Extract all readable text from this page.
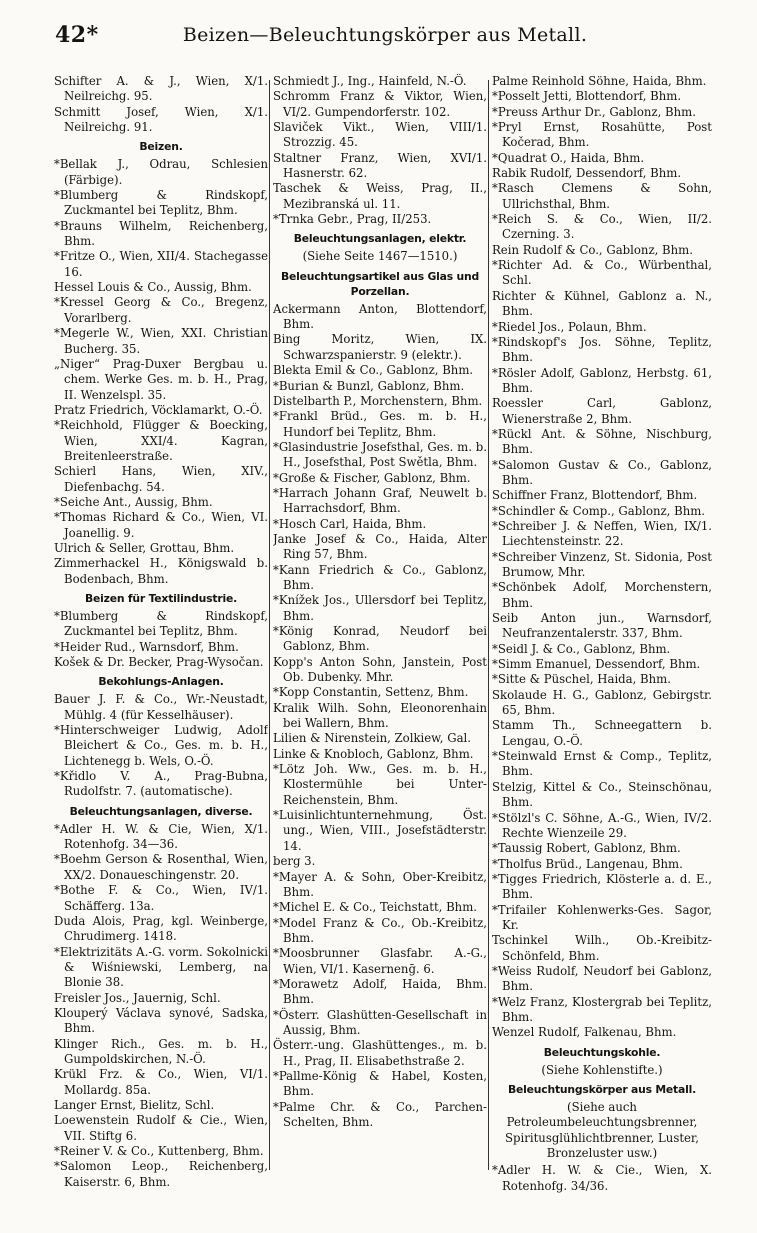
42*	Beizen—Beleuchtungskörper aus Metall.
Schifter A. & J., Wien, X/1. Neilreichg. 95.
Schmitt Josef, Wien, X/1. Neilreichg. 91.
Beizen.
*Bellak J., Odrau, Schlesien (Färbige).
*Blumberg & Rindskopf, Zuckmantel bei Teplitz, Bhm.
*Brauns Wilhelm, Reichenberg, Bhm.
*Fritze O., Wien, XII/4. Stachegasse 16.
Hessel Louis & Co., Aussig, Bhm.
*Kressel Georg & Co., Bregenz, Vorarlberg.
*Megerle W., Wien, XXI. Christian Bucherg. 35.
„Niger“ Prag-Duxer Bergbau u. chem. Werke Ges. m. b. H., Prag, II. Wenzelspl. 35.
Pratz Friedrich, Vöcklamarkt, O.-Ö.
*Reichhold, Flügger & Boecking, Wien, XXI/4. Kagran, Breitenleerstraße.
Schierl Hans, Wien, XIV., Diefenbachg. 54.
*Seiche Ant., Aussig, Bhm.
*Thomas Richard & Co., Wien, VI. Joanellig. 9.
Ulrich & Seller, Grottau, Bhm.
Zimmerhackel H., Königswald b. Bodenbach, Bhm.
Beizen für Textilindustrie.
*Blumberg & Rindskopf, Zuckmantel bei Teplitz, Bhm.
*Heider Rud., Warnsdorf, Bhm.
Košek & Dr. Becker, Prag-Wysočan.
Bekohlungs-Anlagen.
Bauer J. F. & Co., Wr.-Neustadt, Mühlg. 4 (für Kesselhäuser).
*Hinterschweiger Ludwig, Adolf Bleichert & Co., Ges. m. b. H., Lichtenegg b. Wels, O.-Ö.
*Křidlo V. A., Prag-Bubna, Rudolfstr. 7. (automatische).
Beleuchtungsanlagen, diverse.
*Adler H. W. & Cie, Wien, X/1. Rotenhofg. 34—36.
*Boehm Gerson & Rosenthal, Wien, XX/2. Donaueschingenstr. 20.
*Bothe F. & Co., Wien, IV/1. Schäfferg. 13a.
Duda Alois, Prag, kgl. Weinberge, Chrudimerg. 1418.
*Elektrizitäts A.-G. vorm. Sokolnicki & Wiśniewski, Lemberg, na Blonie 38.
Freisler Jos., Jauernig, Schl.
Klouperý Václava synové, Sadska, Bhm.
Klinger Rich., Ges. m. b. H., Gumpoldskirchen, N.-Ö.
Krükl Frz. & Co., Wien, VI/1. Mollardg. 85a.
Langer Ernst, Bielitz, Schl.
Loewenstein Rudolf & Cie., Wien, VII. Stiftg 6.
*Reiner V. & Co., Kuttenberg, Bhm.
*Salomon Leop., Reichenberg, Kaiserstr. 6, Bhm.
Schmiedt J., Ing., Hainfeld, N.-Ö.
Schromm Franz & Viktor, Wien, VI/2. Gumpendorferstr. 102.
Slaviček Vikt., Wien, VIII/1. Strozzig. 45.
Staltner Franz, Wien, XVI/1. Hasnerstr. 62.
Taschek & Weiss, Prag, II., Mezibranská ul. 11.
*Trnka Gebr., Prag, II/253.
Beleuchtungsanlagen, elektr.
(Siehe Seite 1467—1510.)
Beleuchtungsartikel aus Glas und Porzellan.
Ackermann Anton, Blottendorf, Bhm.
Bing Moritz, Wien, IX. Schwarzspanierstr. 9 (elektr.).
Blekta Emil & Co., Gablonz, Bhm.
*Burian & Bunzl, Gablonz, Bhm.
Distelbarth P., Morchenstern, Bhm.
*Frankl Brüd., Ges. m. b. H., Hundorf bei Teplitz, Bhm.
*Glasindustrie Josefsthal, Ges. m. b. H., Josefsthal, Post Swětla, Bhm.
*Große & Fischer, Gablonz, Bhm.
*Harrach Johann Graf, Neuwelt b. Harrachsdorf, Bhm.
*Hosch Carl, Haida, Bhm.
Janke Josef & Co., Haida, Alter Ring 57, Bhm.
*Kann Friedrich & Co., Gablonz, Bhm.
*Knížek Jos., Ullersdorf bei Teplitz, Bhm.
*König Konrad, Neudorf bei Gablonz, Bhm.
Kopp's Anton Sohn, Janstein, Post Ob. Dubenky. Mhr.
*Kopp Constantin, Settenz, Bhm.
Kralik Wilh. Sohn, Eleonorenhain bei Wallern, Bhm.
Lilien & Nirenstein, Zolkiew, Gal.
Linke & Knobloch, Gablonz, Bhm.
*Lötz Joh. Ww., Ges. m. b. H., Klostermühle bei Unter-Reichenstein, Bhm.
*Luisinlichtunternehmung, Öst. ung., Wien, VIII., Josefstädterstr. 14.
berg 3.
*Mayer A. & Sohn, Ober-Kreibitz, Bhm.
*Michel E. & Co., Teichstatt, Bhm.
*Model Franz & Co., Ob.-Kreibitz, Bhm.
*Moosbrunner Glasfabr. A.-G., Wien, VI/1. Kasernenḡ. 6.
*Morawetz Adolf, Haida, Bhm. Bhm.
*Österr. Glashütten-Gesellschaft in Aussig, Bhm.
Österr.-ung. Glashüttenges., m. b. H., Prag, II. Elisabethstraße 2.
*Pallme-König & Habel, Kosten, Bhm.
*Palme Chr. & Co., Parchen-Schelten, Bhm.
Palme Reinhold Söhne, Haida, Bhm.
*Posselt Jetti, Blottendorf, Bhm.
*Preuss Arthur Dr., Gablonz, Bhm.
*Pryl Ernst, Rosahütte, Post Kočerad, Bhm.
*Quadrat O., Haida, Bhm.
Rabik Rudolf, Dessendorf, Bhm.
*Rasch Clemens & Sohn, Ullrichsthal, Bhm.
*Reich S. & Co., Wien, II/2. Czerning. 3.
Rein Rudolf & Co., Gablonz, Bhm.
*Richter Ad. & Co., Würbenthal, Schl.
Richter & Kühnel, Gablonz a. N., Bhm.
*Riedel Jos., Polaun, Bhm.
*Rindskopf's Jos. Söhne, Teplitz, Bhm.
*Rösler Adolf, Gablonz, Herbstg. 61, Bhm.
Roessler Carl, Gablonz, Wienerstraße 2, Bhm.
*Rückl Ant. & Söhne, Nischburg, Bhm.
*Salomon Gustav & Co., Gablonz, Bhm.
Schiffner Franz, Blottendorf, Bhm.
*Schindler & Comp., Gablonz, Bhm.
*Schreiber J. & Neffen, Wien, IX/1. Liechtensteinstr. 22.
*Schreiber Vinzenz, St. Sidonia, Post Brumow, Mhr.
*Schönbek Adolf, Morchenstern, Bhm.
Seib Anton jun., Warnsdorf, Neufranzentalerstr. 337, Bhm.
*Seidl J. & Co., Gablonz, Bhm.
*Simm Emanuel, Dessendorf, Bhm.
*Sitte & Püschel, Haida, Bhm.
Skolaude H. G., Gablonz, Gebirgstr. 65, Bhm.
Stamm Th., Schneegattern b. Lengau, O.-Ö.
*Steinwald Ernst & Comp., Teplitz, Bhm.
Stelzig, Kittel & Co., Steinschönau, Bhm.
*Stölzl's C. Söhne, A.-G., Wien, IV/2. Rechte Wienzeile 29.
*Taussig Robert, Gablonz, Bhm.
*Tholfus Brüd., Langenau, Bhm.
*Tigges Friedrich, Klösterle a. d. E., Bhm.
*Trifailer Kohlenwerks-Ges. Sagor, Kr.
Tschinkel Wilh., Ob.-Kreibitz-Schönfeld, Bhm.
*Weiss Rudolf, Neudorf bei Gablonz, Bhm.
*Welz Franz, Klostergrab bei Teplitz, Bhm.
Wenzel Rudolf, Falkenau, Bhm.
Beleuchtungskohle.
(Siehe Kohlenstifte.)
Beleuchtungskörper aus Metall.
(Siehe auch Petroleumbeleuchtungsbrenner, Spiritusglühlichtbrenner, Luster, Bronzeluster usw.)
*Adler H. W. & Cie., Wien, X. Rotenhofg. 34/36.
